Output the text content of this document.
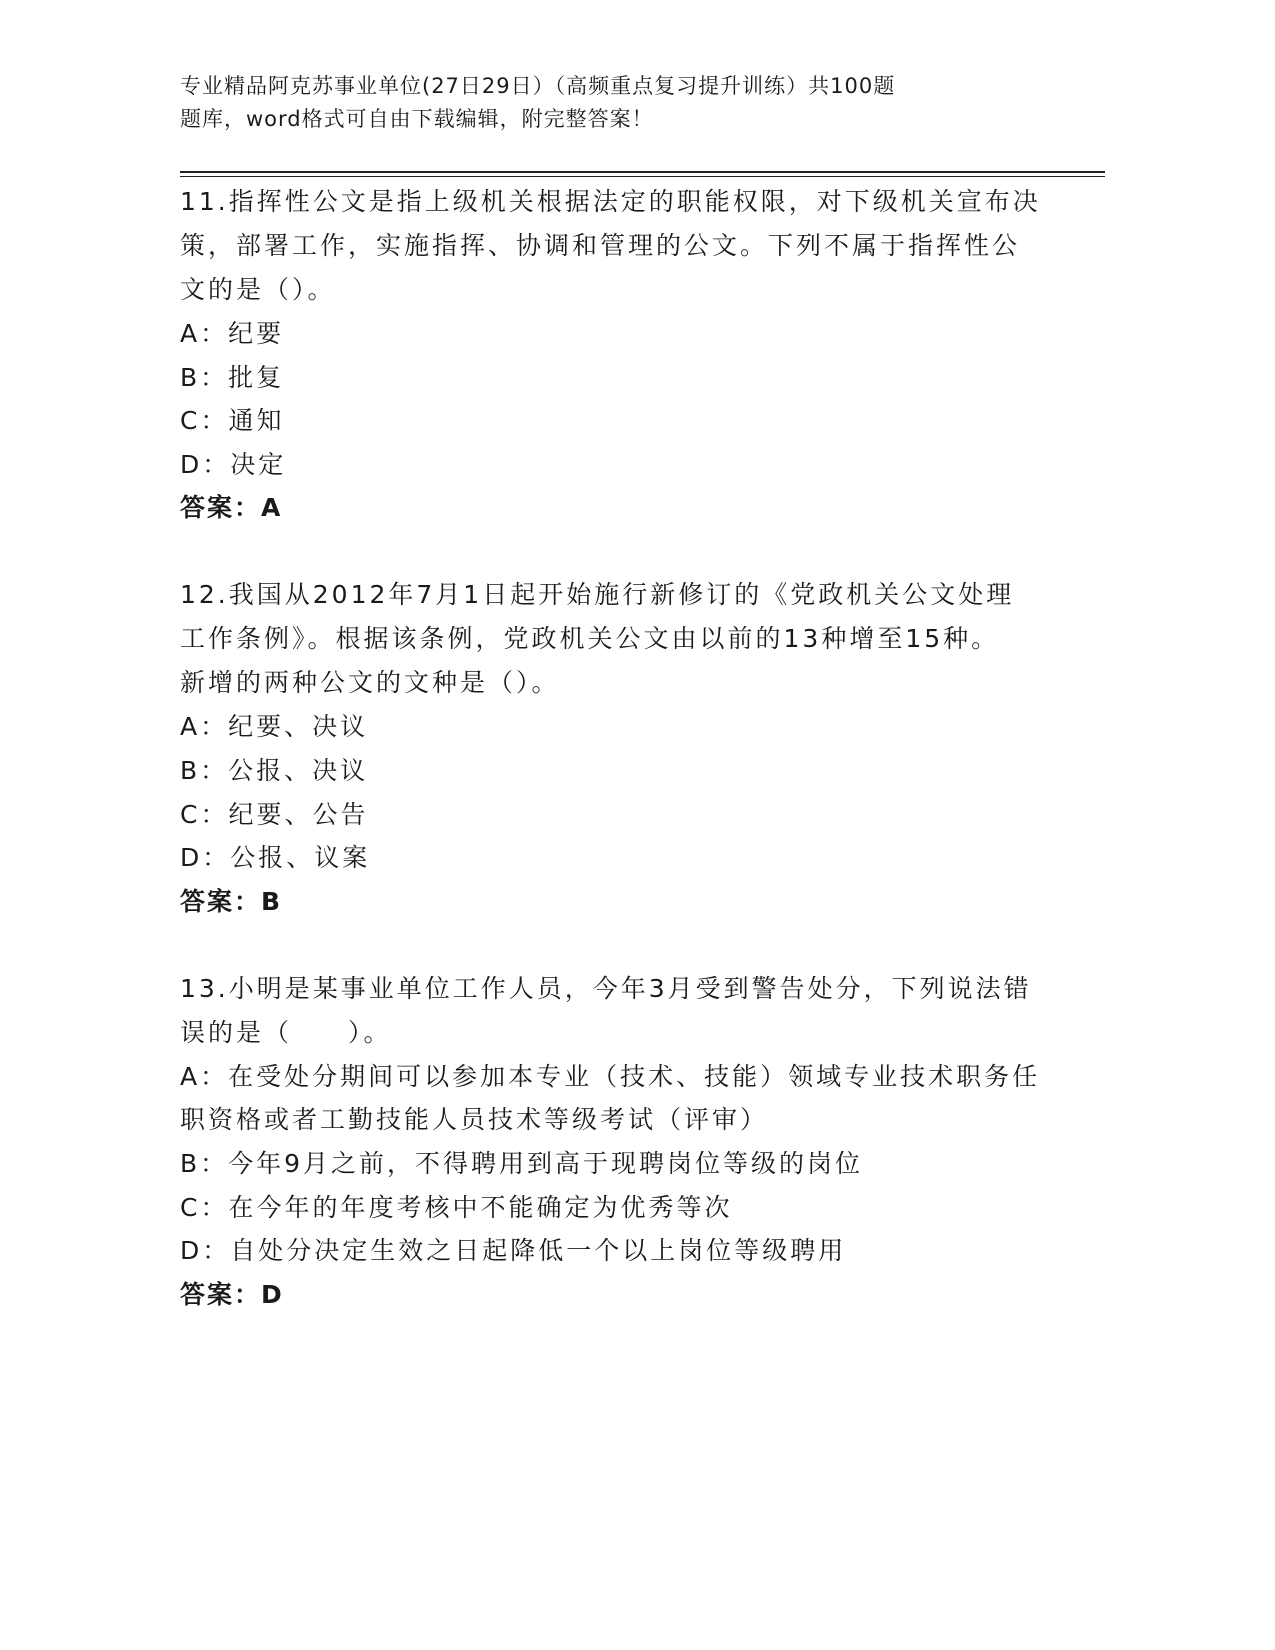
专业精品阿克苏事业单位(27日29日）（高频重点复习提升训练）共100题
题库，word格式可自由下载编辑，附完整答案！
11.指挥性公文是指上级机关根据法定的职能权限，对下级机关宣布决
策，部署工作，实施指挥、协调和管理的公文。下列不属于指挥性公
文的是（）。
A：纪要
B：批复
C：通知
D：决定
答案：A
12.我国从2012年7月1日起开始施行新修订的《党政机关公文处理
工作条例》。根据该条例，党政机关公文由以前的13种增至15种。
新增的两种公文的文种是（）。
A：纪要、决议
B：公报、决议
C：纪要、公告
D：公报、议案
答案：B
13.小明是某事业单位工作人员，今年3月受到警告处分，下列说法错
误的是（　　）。
A：在受处分期间可以参加本专业（技术、技能）领域专业技术职务任
职资格或者工勤技能人员技术等级考试（评审）
B：今年9月之前，不得聘用到高于现聘岗位等级的岗位
C：在今年的年度考核中不能确定为优秀等次
D：自处分决定生效之日起降低一个以上岗位等级聘用
答案：D
